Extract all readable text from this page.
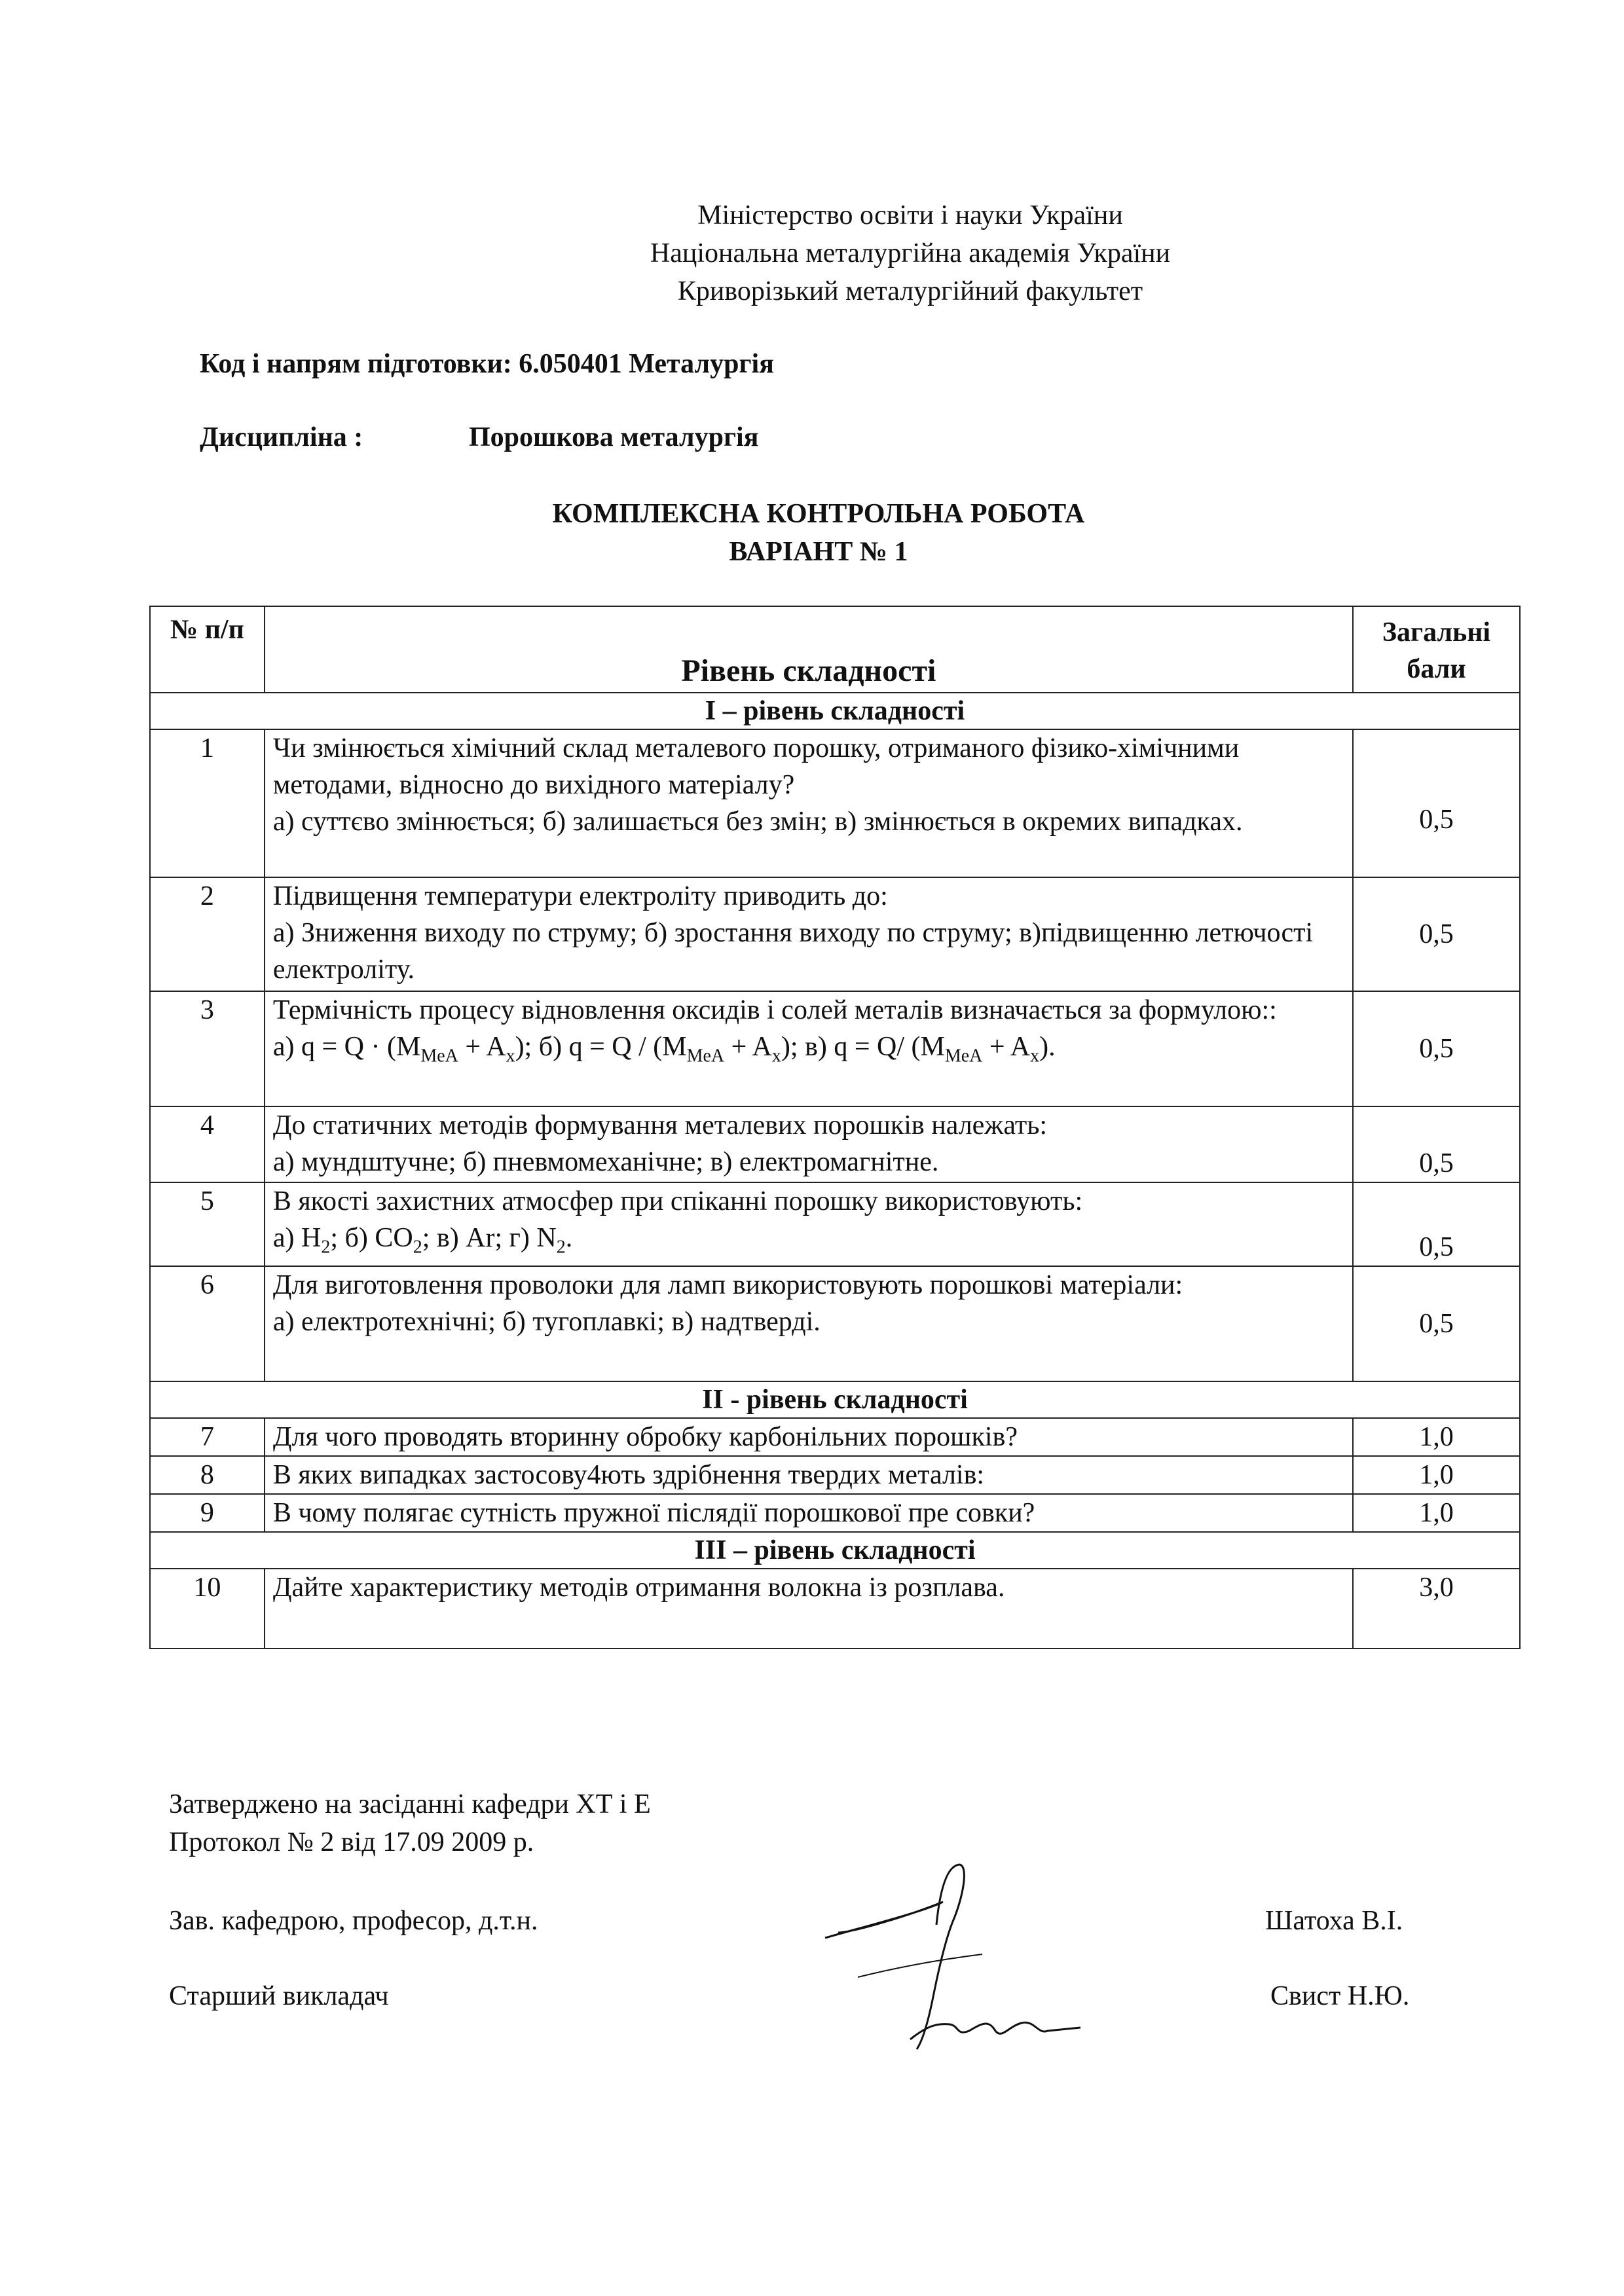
Міністерство освіти і науки України
Національна металургійна академія України
Криворізький металургійний факультет
Код і напрям підготовки: 6.050401 Металургія
Дисципліна :	Порошкова металургія
КОМПЛЕКСНА КОНТРОЛЬНА РОБОТА
ВАРІАНТ № 1
№ п/п	Рівень складності	Загальні бали
І – рівень складності		
1	Чи змінюється хімічний склад металевого порошку, отриманого фізико-хімічними методами, відносно до вихідного матеріалу?
а) суттєво змінюється; б) залишається без змін; в) змінюється в окремих випадках.	0,5
2	Підвищення температури електроліту приводить до:
а) Зниження виходу по струму; б) зростання виходу по струму; в)підвищенню летючості електроліту.	0,5
3	Термічність процесу відновлення оксидів і солей металів визначається за формулою::
а) $q = Q \cdot (M_{MeA} + A_x)$; б) $q = Q / (M_{MeA} + A_x)$; в) q = Q/ $(M_{MeA} + A_x)$.	0,5
4	До статичних методів формування металевих порошків належать:
а) мундштучне; б) пневмомеханічне; в) електромагнітне.	0,5
5	В якості захистних атмосфер при спіканні порошку використовують:
а) $H_2$; б) $CO_2$; в) Ar; г) $N_2$.	0,5
6	Для виготовлення проволоки для ламп використовують порошкові матеріали:
а) електротехнічні; б) тугоплавкі; в) надтверді.	0,5
ІІ - рівень складності		
7	Для чого проводять вторинну обробку карбонільних порошків?	1,0
8	В яких випадках застосову4ють здрібнення твердих металів:	1,0
9	В чому полягає сутність пружної післядії порошкової пре совки?	1,0
ІІІ – рівень складності		
10	Дайте характеристику методів отримання волокна із розплава.	3,0
Затверджено на засіданні кафедри ХТ і Е
Протокол № 2 від 17.09 2009 р.
Зав. кафедрою, професор, д.т.н.	Шатоха В.І.
Старший викладач	Свист Н.Ю.
